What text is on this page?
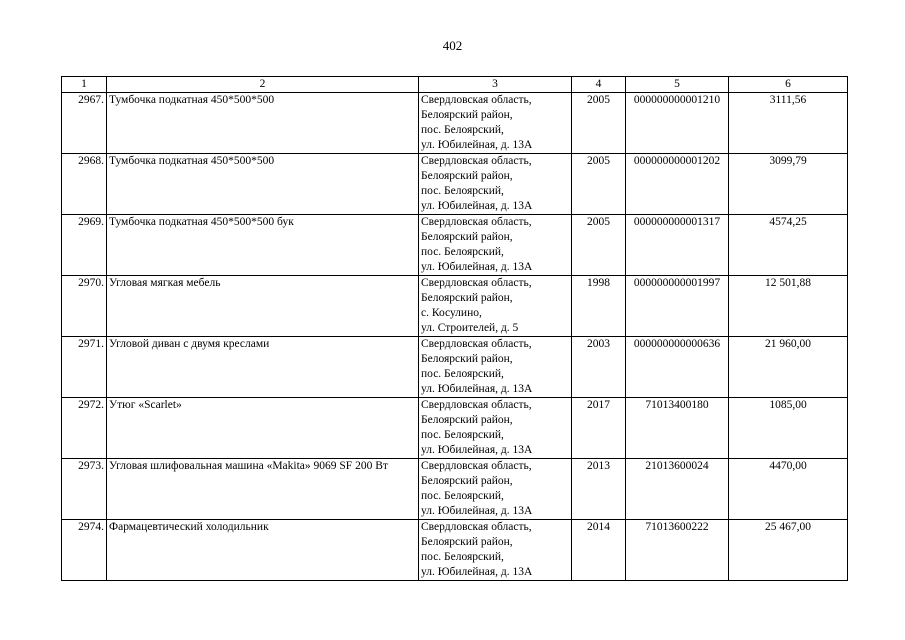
402
1	2	3	4	5	6
2967.	Тумбочка подкатная 450*500*500	Свердловская область,
Белоярский район,
пос. Белоярский,
ул. Юбилейная, д. 13А	2005	000000000001210	3111,56
2968.	Тумбочка подкатная 450*500*500	Свердловская область,
Белоярский район,
пос. Белоярский,
ул. Юбилейная, д. 13А	2005	000000000001202	3099,79
2969.	Тумбочка подкатная 450*500*500 бук	Свердловская область,
Белоярский район,
пос. Белоярский,
ул. Юбилейная, д. 13А	2005	000000000001317	4574,25
2970.	Угловая мягкая мебель	Свердловская область,
Белоярский район,
с. Косулино,
ул. Строителей, д. 5	1998	000000000001997	12 501,88
2971.	Угловой диван с двумя креслами	Свердловская область,
Белоярский район,
пос. Белоярский,
ул. Юбилейная, д. 13А	2003	000000000000636	21 960,00
2972.	Утюг «Scarlet»	Свердловская область,
Белоярский район,
пос. Белоярский,
ул. Юбилейная, д. 13А	2017	71013400180	1085,00
2973.	Угловая шлифовальная машина «Makita» 9069 SF 200 Вт	Свердловская область,
Белоярский район,
пос. Белоярский,
ул. Юбилейная, д. 13А	2013	21013600024	4470,00
2974.	Фармацевтический холодильник	Свердловская область,
Белоярский район,
пос. Белоярский,
ул. Юбилейная, д. 13А	2014	71013600222	25 467,00
